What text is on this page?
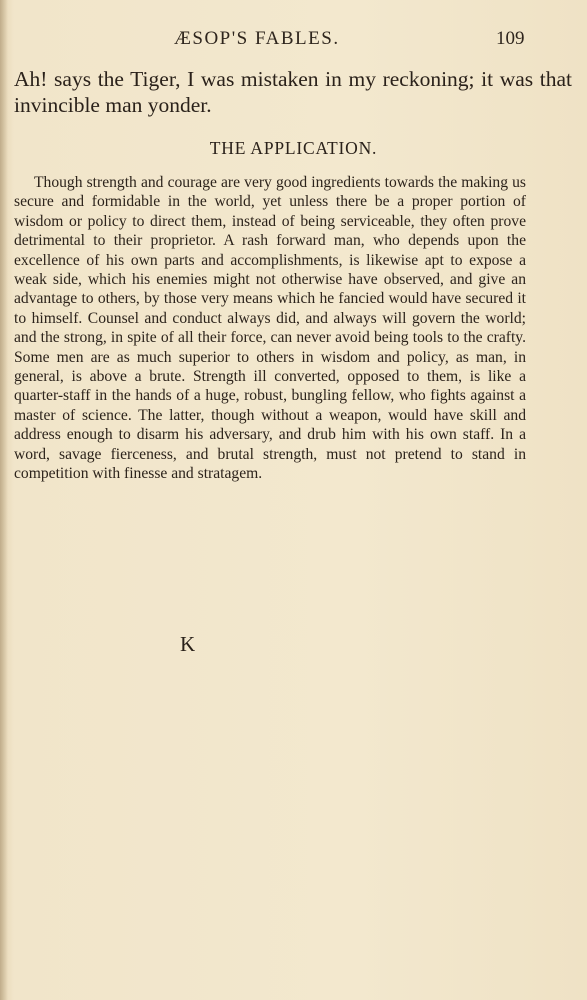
ÆSOP'S FABLES.	109

Ah! says the Tiger, I was mistaken in my reckoning; it was that invincible man yonder.

THE APPLICATION.

Though strength and courage are very good ingredients towards the making us secure and formidable in the world, yet unless there be a proper portion of wisdom or policy to direct them, instead of being serviceable, they often prove detrimental to their proprietor. A rash forward man, who depends upon the excellence of his own parts and accomplishments, is likewise apt to expose a weak side, which his enemies might not otherwise have observed, and give an advantage to others, by those very means which he fancied would have secured it to himself. Counsel and conduct always did, and always will govern the world; and the strong, in spite of all their force, can never avoid being tools to the crafty. Some men are as much superior to others in wisdom and policy, as man, in general, is above a brute. Strength ill converted, opposed to them, is like a quarter-staff in the hands of a huge, robust, bungling fellow, who fights against a master of science. The latter, though without a weapon, would have skill and address enough to disarm his adversary, and drub him with his own staff. In a word, savage fierceness, and brutal strength, must not pretend to stand in competition with finesse and stratagem.

K
